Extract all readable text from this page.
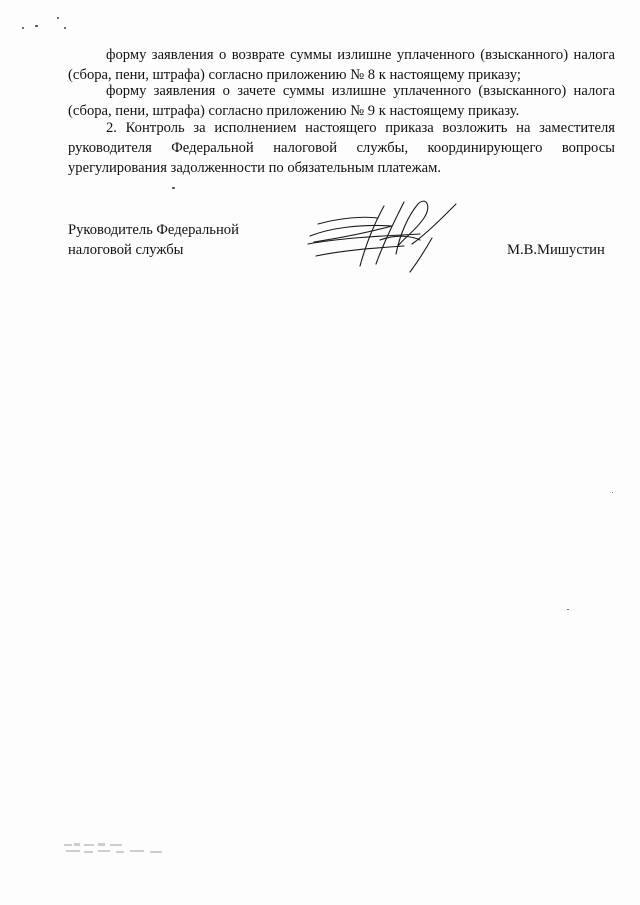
форму заявления о возврате суммы излишне уплаченного (взысканного) налога (сбора, пени, штрафа) согласно приложению № 8 к настоящему приказу;

форму заявления о зачете суммы излишне уплаченного (взысканного) налога (сбора, пени, штрафа) согласно приложению № 9 к настоящему приказу.

2. Контроль за исполнением настоящего приказа возложить на заместителя руководителя Федеральной налоговой службы, координирующего вопросы урегулирования задолженности по обязательным платежам.

Руководитель Федеральной
налоговой службы	М.В.Мишустин
